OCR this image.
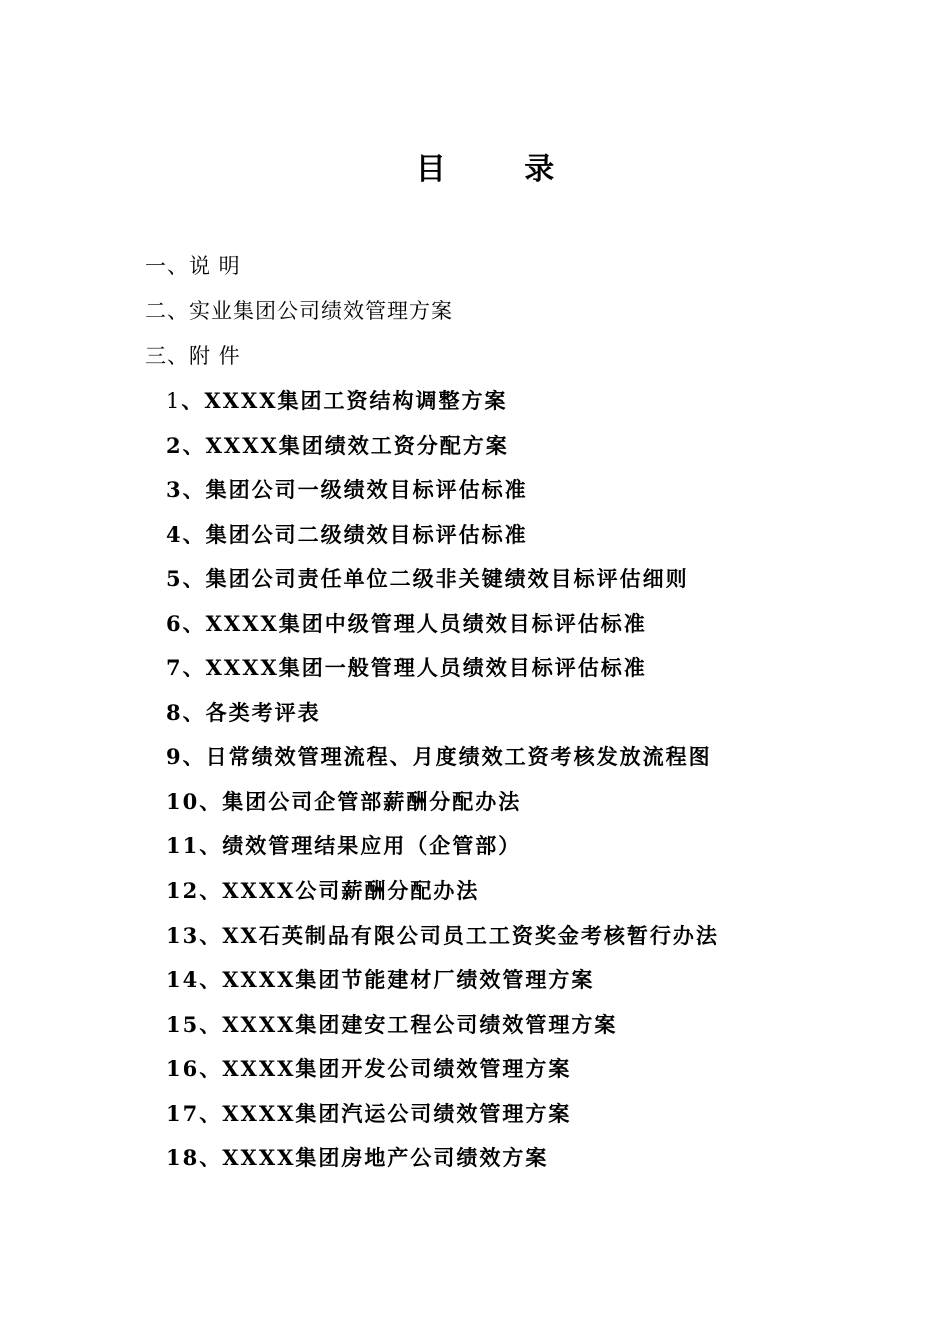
目 录
一、说 明
二、实业集团公司绩效管理方案
三、附 件
1、XXXX集团工资结构调整方案
2、XXXX集团绩效工资分配方案
3、集团公司一级绩效目标评估标准
4、集团公司二级绩效目标评估标准
5、集团公司责任单位二级非关键绩效目标评估细则
6、XXXX集团中级管理人员绩效目标评估标准
7、XXXX集团一般管理人员绩效目标评估标准
8、各类考评表
9、日常绩效管理流程、月度绩效工资考核发放流程图
10、集团公司企管部薪酬分配办法
11、绩效管理结果应用（企管部）
12、XXXX公司薪酬分配办法
13、XX石英制品有限公司员工工资奖金考核暂行办法
14、XXXX集团节能建材厂绩效管理方案
15、XXXX集团建安工程公司绩效管理方案
16、XXXX集团开发公司绩效管理方案
17、XXXX集团汽运公司绩效管理方案
18、XXXX集团房地产公司绩效方案
